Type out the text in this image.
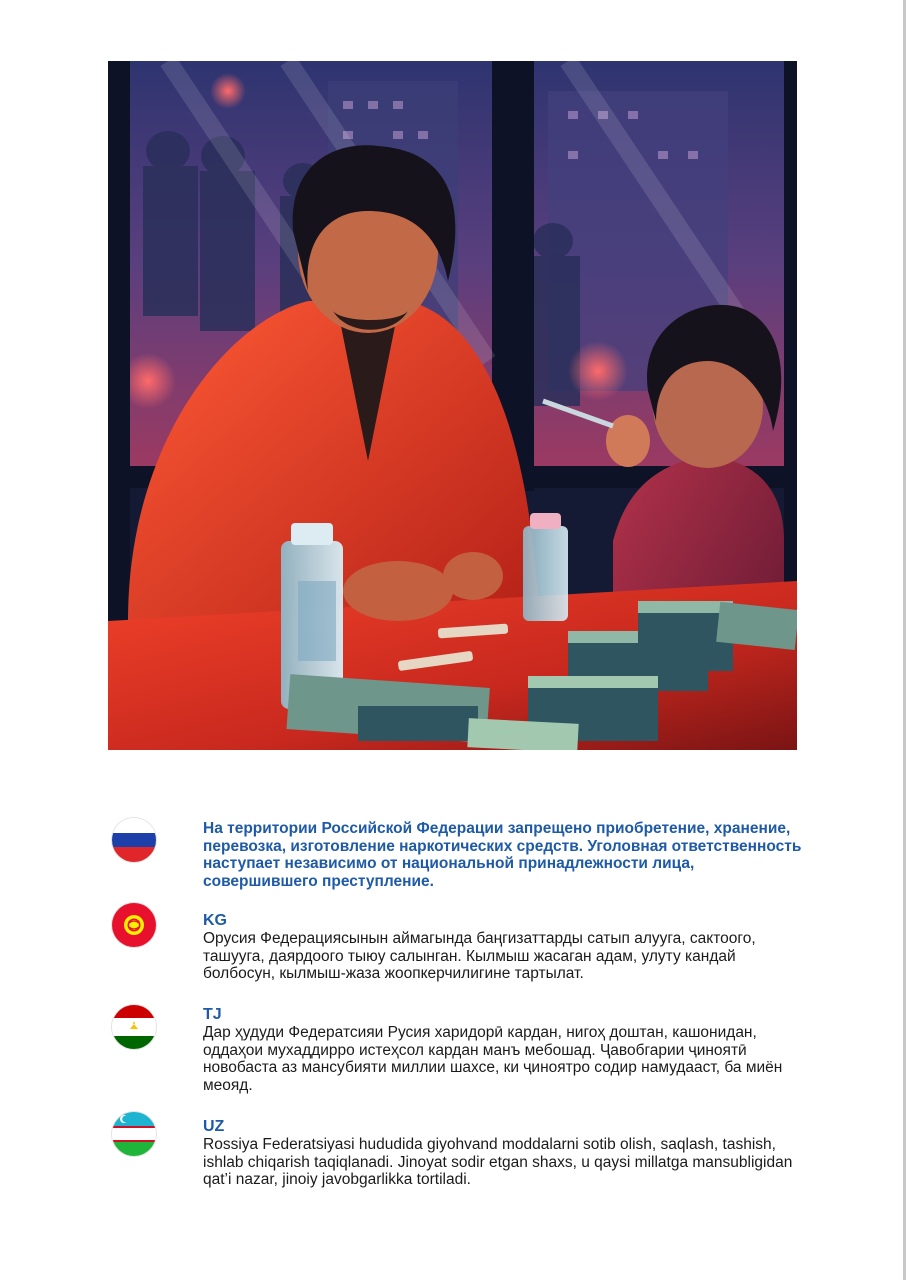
На территории Российской Федерации запрещено приобретение, хранение, перевозка, изготовление наркотических средств. Уголовная ответственность наступает независимо от национальной принадлежности лица, совершившего преступление.
KG
Орусия Федерациясынын аймагында баңгизаттарды сатып алууга, сактоого, ташууга, даярдоого тыюу салынган. Кылмыш жасаган адам, улуту кандай болбосун, кылмыш-жаза жоопкерчилигине тартылат.
TJ
Дар ҳудуди Федератсияи Русия харидорӣ кардан, нигоҳ доштан, кашонидан, оддаҳои мухаддирро истеҳсол кардан манъ мебошад. Ҷавобгарии ҷиноятӣ новобаста аз мансубияти миллии шахсе, ки ҷиноятро содир намудааст, ба миён меояд.
UZ
Rossiya Federatsiyasi hududida giyohvand moddalarni sotib olish, saqlash, tashish, ishlab chiqarish taqiqlanadi. Jinoyat sodir etgan shaxs, u qaysi millatga mansubligidan qat’i nazar, jinoiy javobgarlikka tortiladi.
